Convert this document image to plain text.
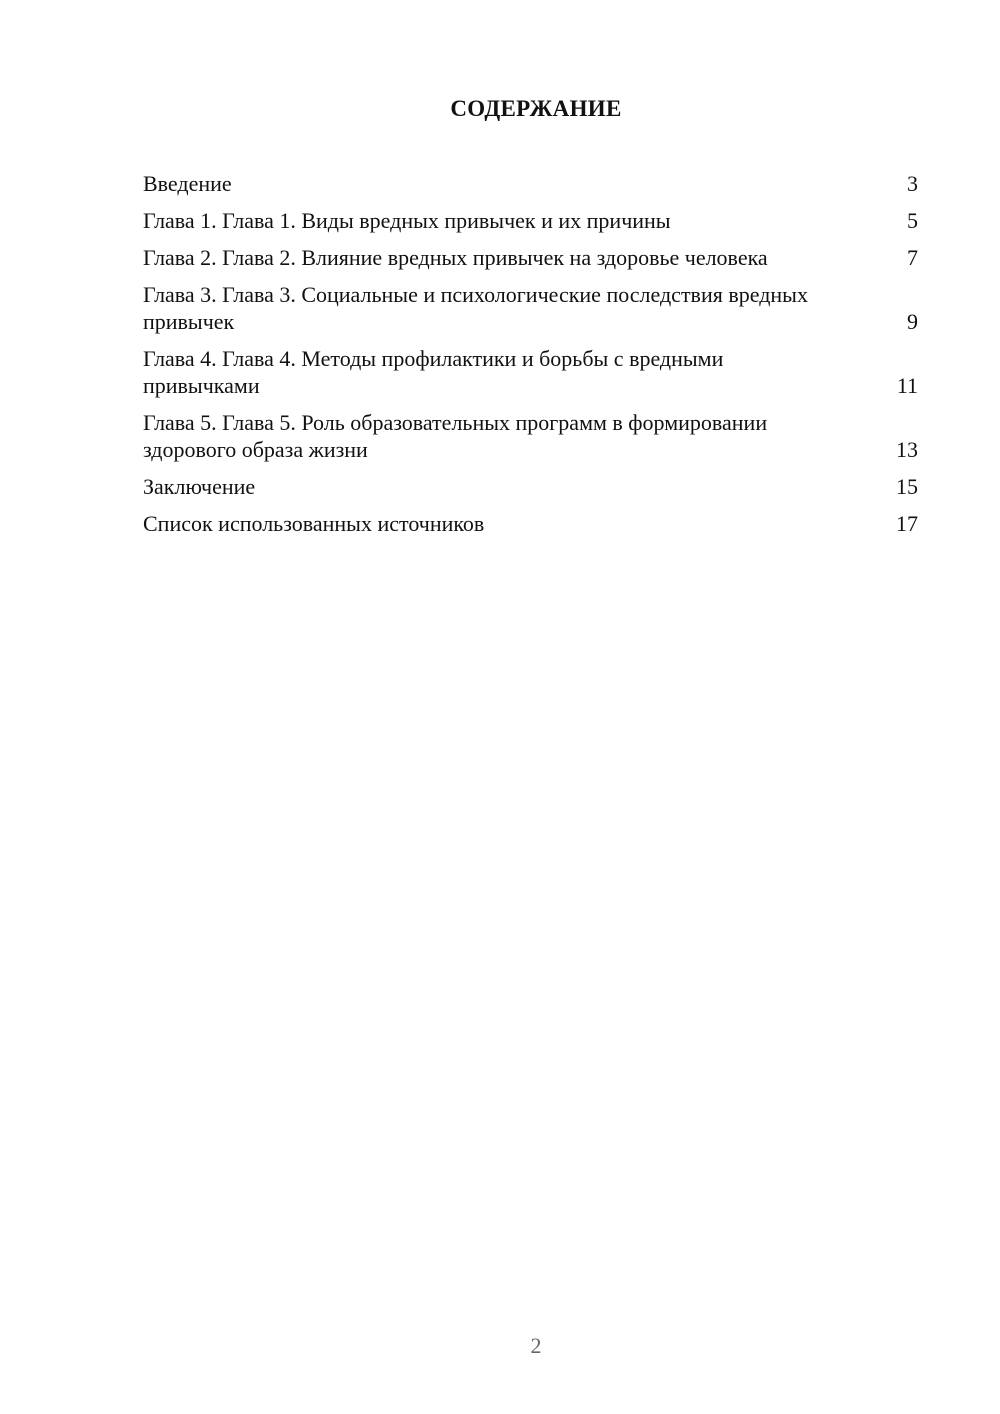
СОДЕРЖАНИЕ
Введение	3
Глава 1. Глава 1. Виды вредных привычек и их причины	5
Глава 2. Глава 2. Влияние вредных привычек на здоровье человека	7
Глава 3. Глава 3. Социальные и психологические последствия вредных привычек	9
Глава 4. Глава 4. Методы профилактики и борьбы с вредными привычками	11
Глава 5. Глава 5. Роль образовательных программ в формировании здорового образа жизни	13
Заключение	15
Список использованных источников	17
2
